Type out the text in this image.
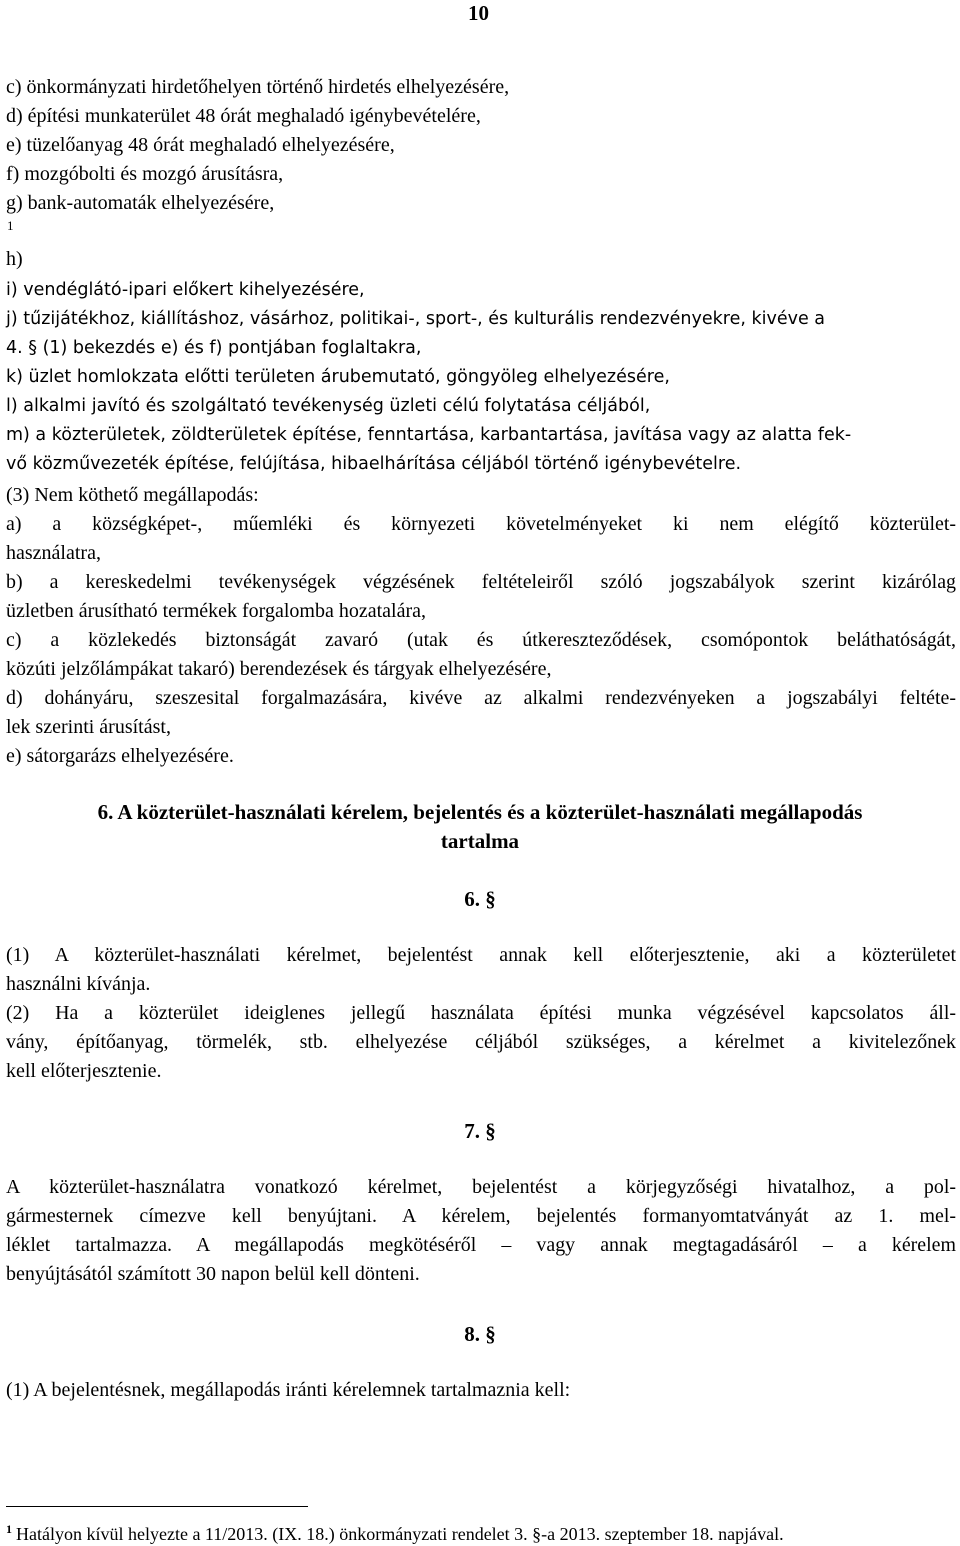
10
c) önkormányzati hirdetőhelyen történő hirdetés elhelyezésére,
d) építési munkaterület 48 órát meghaladó igénybevételére,
e) tüzelőanyag 48 órát meghaladó elhelyezésére,
f) mozgóbolti és mozgó árusításra,
g) bank-automaták elhelyezésére,
1
h)
i) vendéglátó-ipari előkert kihelyezésére,
j) tűzijátékhoz, kiállításhoz, vásárhoz, politikai-, sport-, és kulturális rendezvényekre, kivéve a
4. § (1) bekezdés e) és f) pontjában foglaltakra,
k) üzlet homlokzata előtti területen árubemutató, göngyöleg elhelyezésére,
l) alkalmi javító és szolgáltató tevékenység üzleti célú folytatása céljából,
m) a közterületek, zöldterületek építése, fenntartása, karbantartása, javítása vagy az alatta fek-
vő közművezeték építése, felújítása, hibaelhárítása céljából történő igénybevételre.
(3) Nem köthető megállapodás:
a) a községképet-, műemléki és környezeti követelményeket ki nem elégítő közterület-
használatra,
b) a kereskedelmi tevékenységek végzésének feltételeiről szóló jogszabályok szerint kizárólag
üzletben árusítható termékek forgalomba hozatalára,
c) a közlekedés biztonságát zavaró (utak és útkereszteződések, csomópontok beláthatóságát,
közúti jelzőlámpákat takaró) berendezések és tárgyak elhelyezésére,
d) dohányáru, szeszesital forgalmazására, kivéve az alkalmi rendezvényeken a jogszabályi feltéte-
lek szerinti árusítást,
e) sátorgarázs elhelyezésére.
6. A közterület-használati kérelem, bejelentés és a közterület-használati megállapodás
tartalma
6. §
(1) A közterület-használati kérelmet, bejelentést annak kell előterjesztenie, aki a közterületet
használni kívánja.
(2) Ha a közterület ideiglenes jellegű használata építési munka végzésével kapcsolatos áll-
vány, építőanyag, törmelék, stb. elhelyezése céljából szükséges, a kérelmet a kivitelezőnek
kell előterjesztenie.
7. §
A közterület-használatra vonatkozó kérelmet, bejelentést a körjegyzőségi hivatalhoz, a pol-
gármesternek címezve kell benyújtani. A kérelem, bejelentés formanyomtatványát az 1. mel-
léklet tartalmazza. A megállapodás megkötéséről – vagy annak megtagadásáról – a kérelem
benyújtásától számított 30 napon belül kell dönteni.
8. §
(1) A bejelentésnek, megállapodás iránti kérelemnek tartalmaznia kell:
$^1$ Hatályon kívül helyezte a 11/2013. (IX. 18.) önkormányzati rendelet 3. §-a 2013. szeptember 18. napjával.
